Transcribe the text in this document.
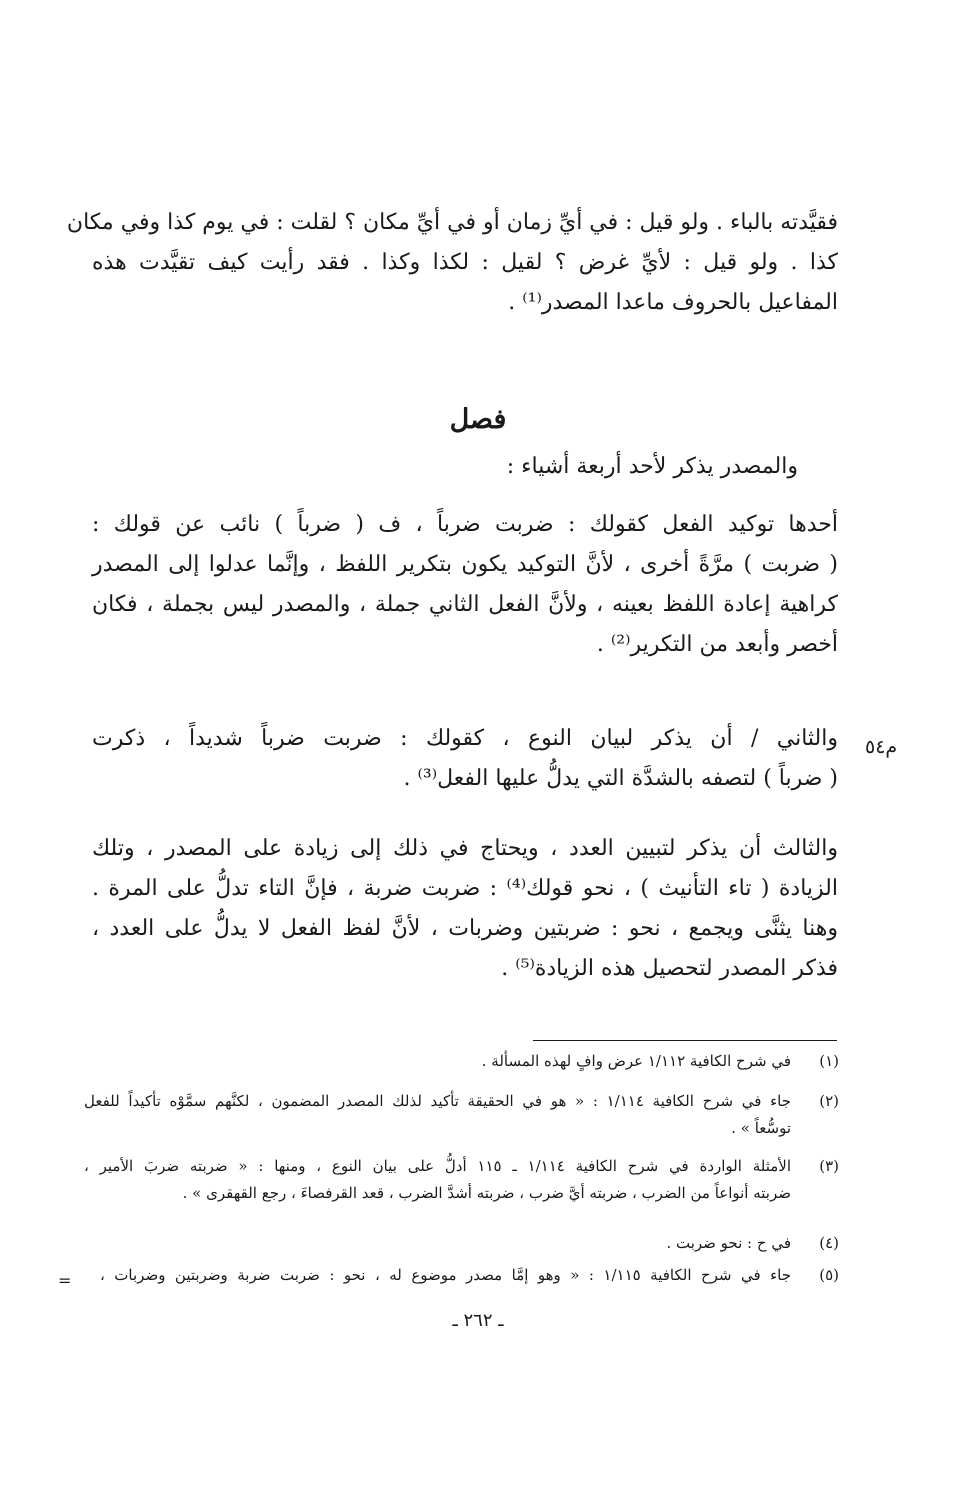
فقيَّدته بالباء . ولو قيل : في أيِّ زمان أو في أيِّ مكان ؟ لقلت : في يوم كذا وفي مكان
كذا . ولو قيل : لأيِّ غرض ؟ لقيل : لكذا وكذا . فقد رأيت كيف تقيَّدت هذه
المفاعيل بالحروف ماعدا المصدر⁽¹⁾ .
فصل
والمصدر يذكر لأحد أربعة أشياء :
أحدها توكيد الفعل كقولك : ضربت ضرباً ، ف ( ضرباً ) نائب عن قولك :
( ضربت ) مرَّةً أخرى ، لأنَّ التوكيد يكون بتكرير اللفظ ، وإنَّما عدلوا إلى المصدر
كراهية إعادة اللفظ بعينه ، ولأنَّ الفعل الثاني جملة ، والمصدر ليس بجملة ، فكان
أخصر وأبعد من التكرير⁽²⁾ .
م٥٤
والثاني / أن يذكر لبيان النوع ، كقولك : ضربت ضرباً شديداً ، ذكرت
( ضرباً ) لتصفه بالشدَّة التي يدلُّ عليها الفعل⁽³⁾ .
والثالث أن يذكر لتبيين العدد ، ويحتاج في ذلك إلى زيادة على المصدر ، وتلك
الزيادة ( تاء التأنيث ) ، نحو قولك⁽⁴⁾ : ضربت ضربة ، فإنَّ التاء تدلُّ على المرة .
وهنا يثنَّى ويجمع ، نحو : ضربتين وضربات ، لأنَّ لفظ الفعل لا يدلُّ على العدد ،
فذكر المصدر لتحصيل هذه الزيادة⁽⁵⁾ .
(١)
في شرح الكافية ١/١١٢ عرض وافٍ لهذه المسألة .
(٢)
جاء في شرح الكافية ١/١١٤ : « هو في الحقيقة تأكيد لذلك المصدر المضمون ، لكنَّهم سمَّوْه تأكيداً للفعل
توسُّعاً » .
(٣)
الأمثلة الواردة في شرح الكافية ١/١١٤ ـ ١١٥ أدلُّ على بيان النوع ، ومنها : « ضربته ضربَ الأمير ،
ضربته أنواعاً من الضرب ، ضربته أيَّ ضرب ، ضربته أشدَّ الضرب ، قعد القرفصاءَ ، رجع القهقرى » .
(٤)
في ح : نحو ضربت .
(٥)
جاء في شرح الكافية ١/١١٥ : « وهو إمَّا مصدر موضوع له ، نحو : ضربت ضربة وضربتين وضربات ،
=
ـ ٢٦٢ ـ
